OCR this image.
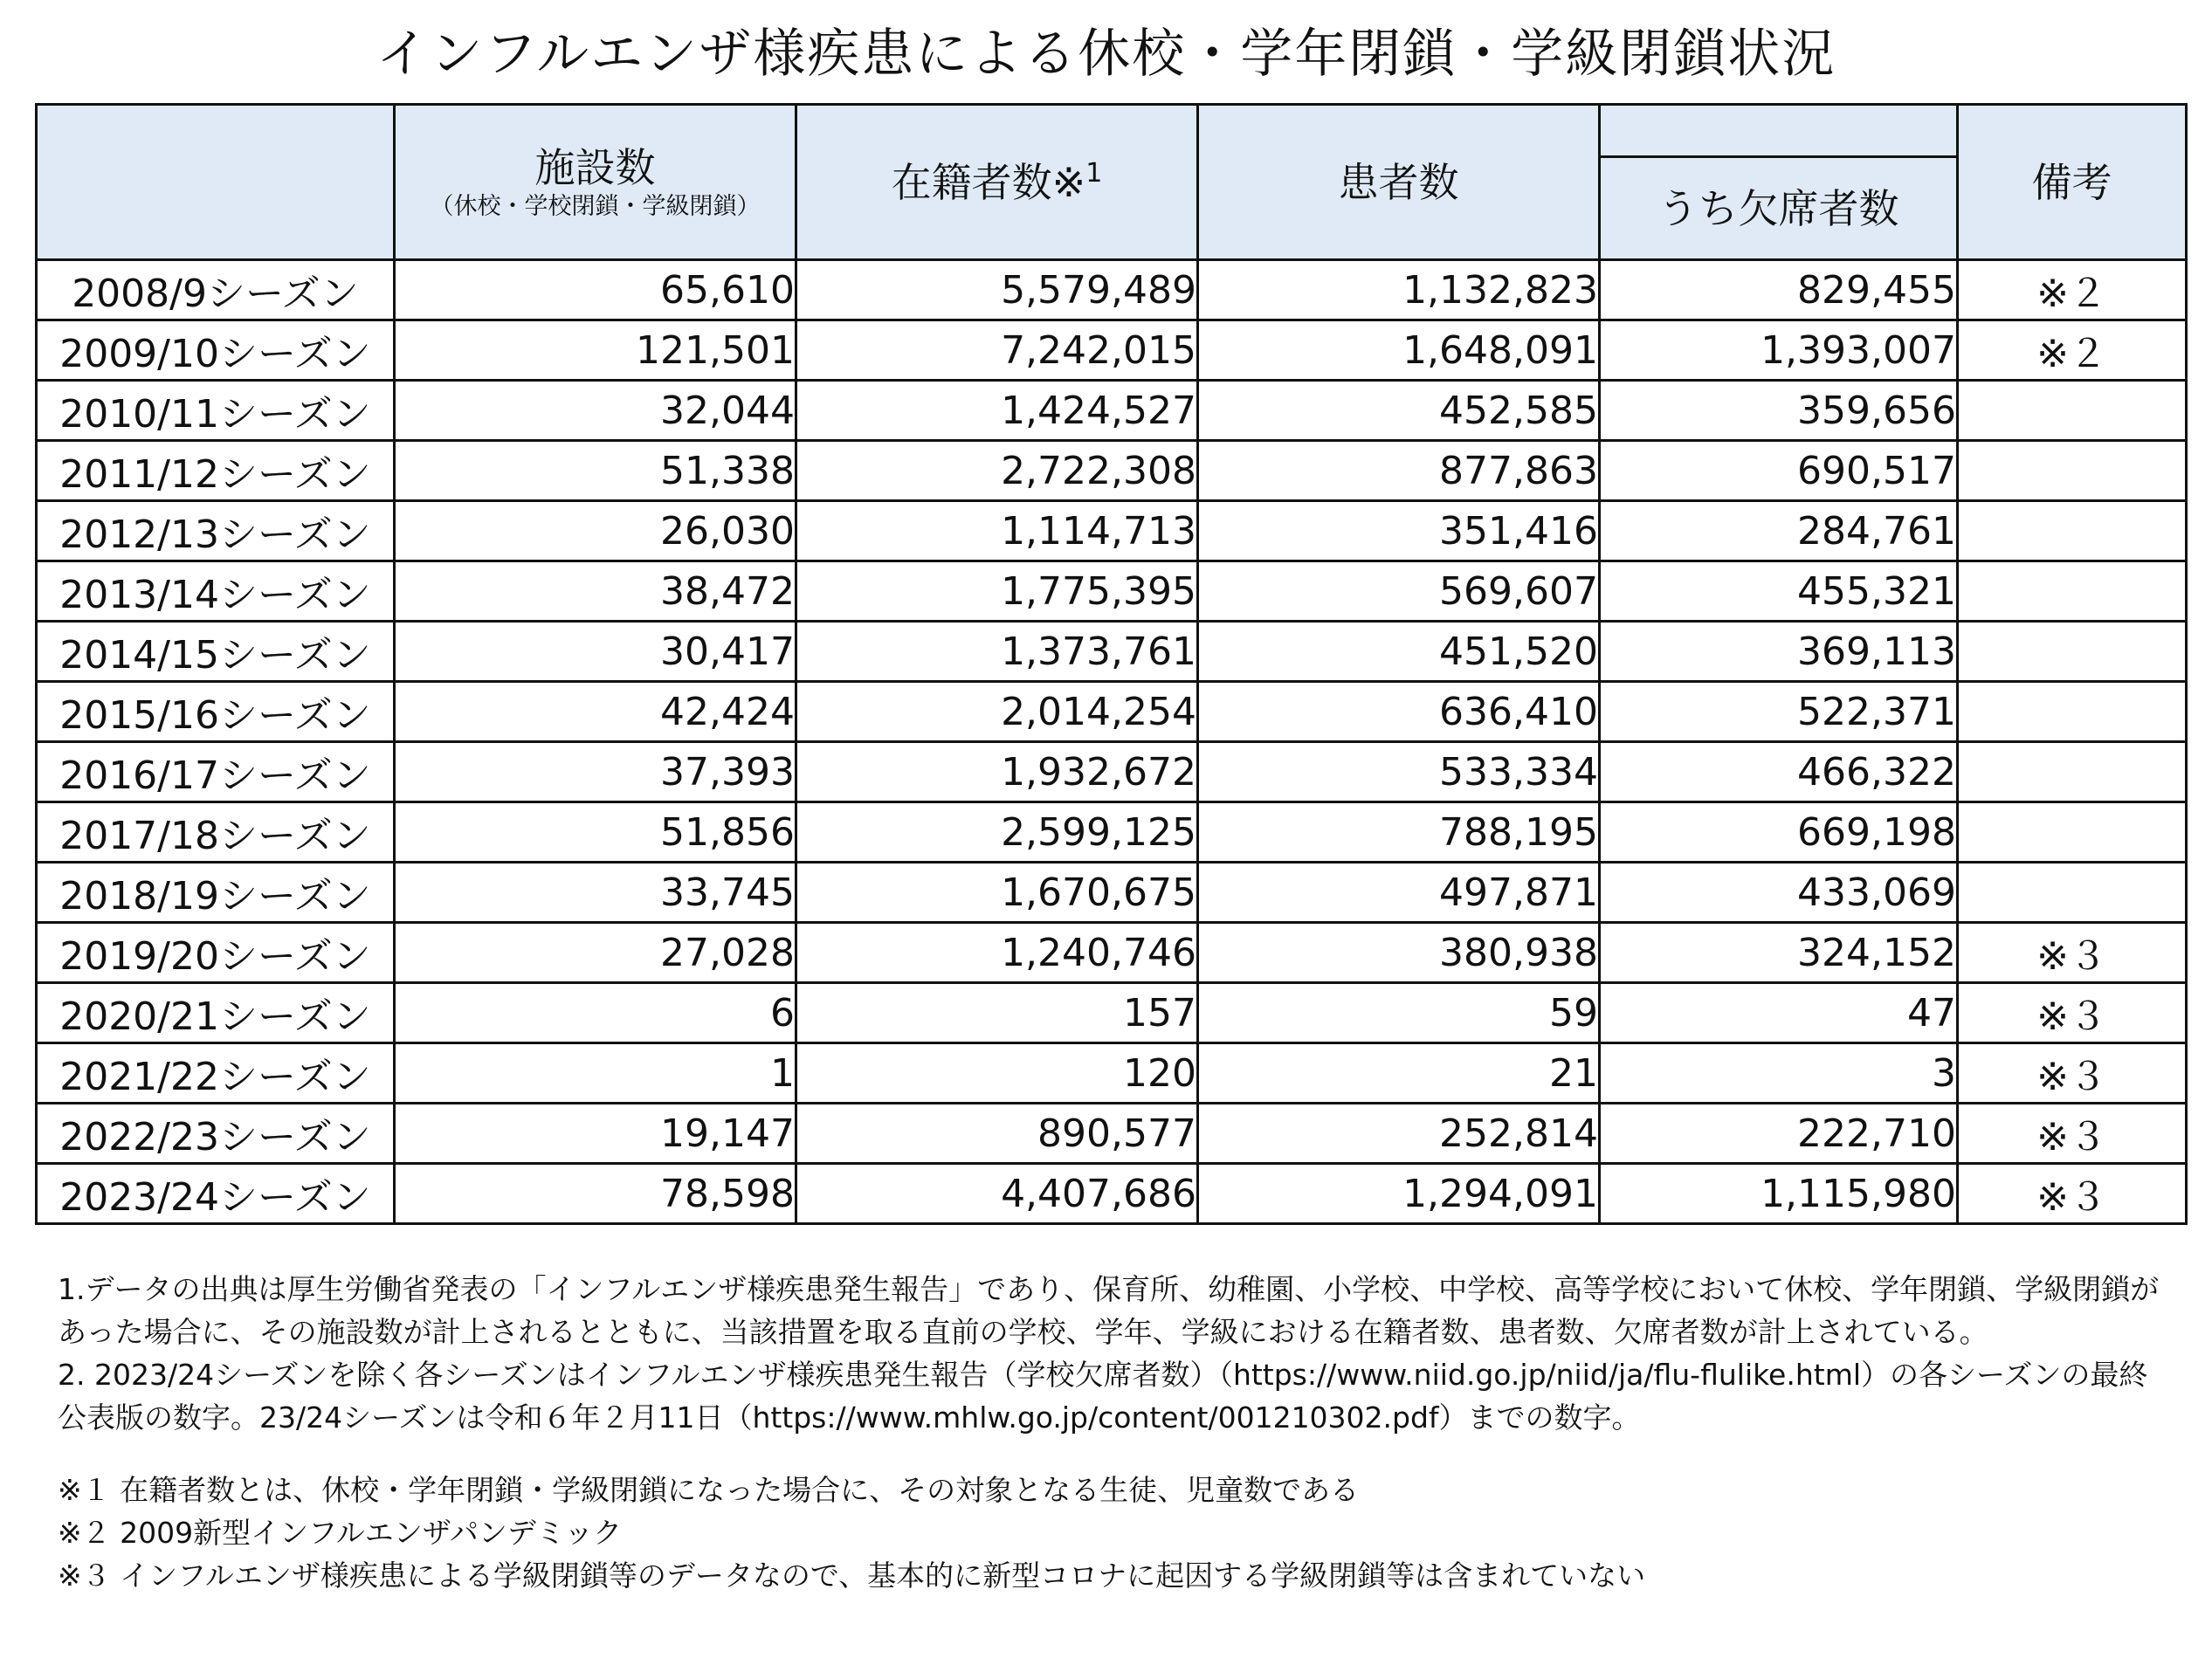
インフルエンザ様疾患による休校・学年閉鎖・学級閉鎖状況
	施設数
（休校・学校閉鎖・学級閉鎖）	在籍者数※1	患者数		備考
				うち欠席者数	
2008/9シーズン	65,610	5,579,489	1,132,823	829,455	※２
2009/10シーズン	121,501	7,242,015	1,648,091	1,393,007	※２
2010/11シーズン	32,044	1,424,527	452,585	359,656	
2011/12シーズン	51,338	2,722,308	877,863	690,517	
2012/13シーズン	26,030	1,114,713	351,416	284,761	
2013/14シーズン	38,472	1,775,395	569,607	455,321	
2014/15シーズン	30,417	1,373,761	451,520	369,113	
2015/16シーズン	42,424	2,014,254	636,410	522,371	
2016/17シーズン	37,393	1,932,672	533,334	466,322	
2017/18シーズン	51,856	2,599,125	788,195	669,198	
2018/19シーズン	33,745	1,670,675	497,871	433,069	
2019/20シーズン	27,028	1,240,746	380,938	324,152	※３
2020/21シーズン	6	157	59	47	※３
2021/22シーズン	1	120	21	3	※３
2022/23シーズン	19,147	890,577	252,814	222,710	※３
2023/24シーズン	78,598	4,407,686	1,294,091	1,115,980	※３

1.データの出典は厚生労働省発表の「インフルエンザ様疾患発生報告」であり、保育所、幼稚園、小学校、中学校、高等学校において休校、学年閉鎖、学級閉鎖があった場合に、その施設数が計上されるとともに、当該措置を取る直前の学校、学年、学級における在籍者数、患者数、欠席者数が計上されている。

2. 2023/24シーズンを除く各シーズンはインフルエンザ様疾患発生報告（学校欠席者数）（https://www.niid.go.jp/niid/ja/flu-flulike.html）の各シーズンの最終公表版の数字。23/24シーズンは令和６年２月11日（https://www.mhlw.go.jp/content/001210302.pdf）までの数字。

※１ 在籍者数とは、休校・学年閉鎖・学級閉鎖になった場合に、その対象となる生徒、児童数である

※２ 2009新型インフルエンザパンデミック

※３ インフルエンザ様疾患による学級閉鎖等のデータなので、基本的に新型コロナに起因する学級閉鎖等は含まれていない
